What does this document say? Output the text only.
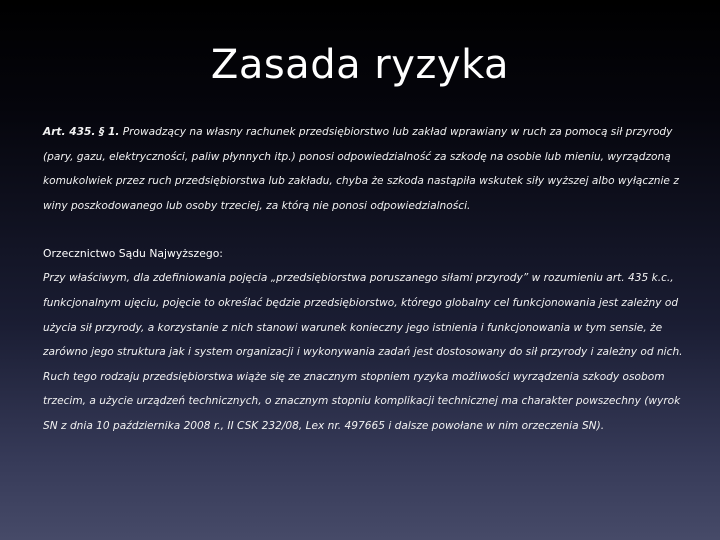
Zasada ryzyka

Art. 435. § 1. Prowadzący na własny rachunek przedsiębiorstwo lub zakład wprawiany w ruch za pomocą sił przyrody (pary, gazu, elektryczności, paliw płynnych itp.) ponosi odpowiedzialność za szkodę na osobie lub mieniu, wyrządzoną komukolwiek przez ruch przedsiębiorstwa lub zakładu, chyba że szkoda nastąpiła wskutek siły wyższej albo wyłącznie z winy poszkodowanego lub osoby trzeciej, za którą nie ponosi odpowiedzialności.

Orzecznictwo Sądu Najwyższego:

Przy właściwym, dla zdefiniowania pojęcia „przedsiębiorstwa poruszanego siłami przyrody” w rozumieniu art. 435 k.c., funkcjonalnym ujęciu, pojęcie to określać będzie przedsiębiorstwo, którego globalny cel funkcjonowania jest zależny od użycia sił przyrody, a korzystanie z nich stanowi warunek konieczny jego istnienia i funkcjonowania w tym sensie, że zarówno jego struktura jak i system organizacji i wykonywania zadań jest dostosowany do sił przyrody i zależny od nich. Ruch tego rodzaju przedsiębiorstwa wiąże się ze znacznym stopniem ryzyka możliwości wyrządzenia szkody osobom trzecim, a użycie urządzeń technicznych, o znacznym stopniu komplikacji technicznej ma charakter powszechny (wyrok SN z dnia 10 października 2008 r., II CSK 232/08, Lex nr. 497665 i dalsze powołane w nim orzeczenia SN).
